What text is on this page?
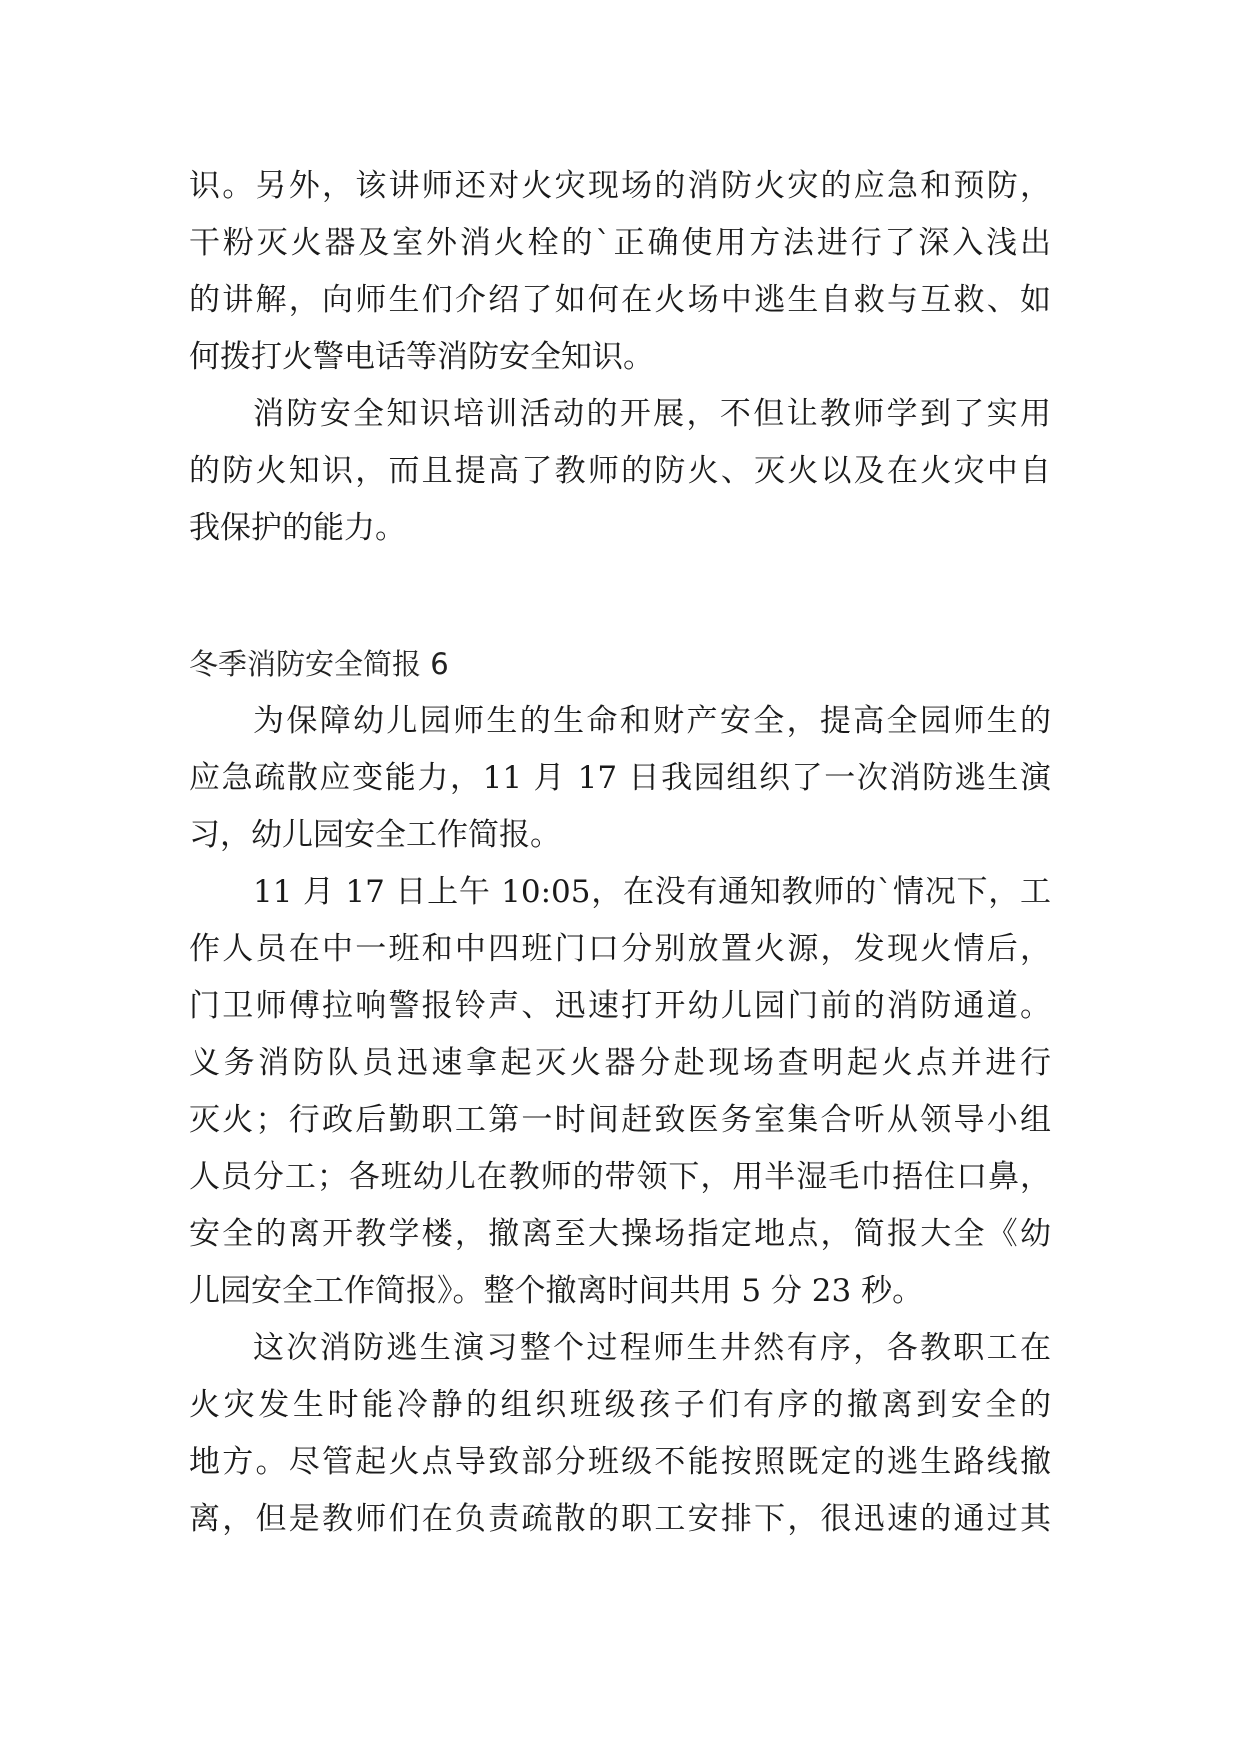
识。另外，该讲师还对火灾现场的消防火灾的应急和预防，
干粉灭火器及室外消火栓的`正确使用方法进行了深入浅出
的讲解，向师生们介绍了如何在火场中逃生自救与互救、如
何拨打火警电话等消防安全知识。
消防安全知识培训活动的开展，不但让教师学到了实用
的防火知识，而且提高了教师的防火、灭火以及在火灾中自
我保护的能力。
冬季消防安全简报 6
为保障幼儿园师生的生命和财产安全，提高全园师生的
应急疏散应变能力，11 月 17 日我园组织了一次消防逃生演
习，幼儿园安全工作简报。
11 月 17 日上午 10:05，在没有通知教师的`情况下，工
作人员在中一班和中四班门口分别放置火源，发现火情后，
门卫师傅拉响警报铃声、迅速打开幼儿园门前的消防通道。
义务消防队员迅速拿起灭火器分赴现场查明起火点并进行
灭火；行政后勤职工第一时间赶致医务室集合听从领导小组
人员分工；各班幼儿在教师的带领下，用半湿毛巾捂住口鼻，
安全的离开教学楼，撤离至大操场指定地点，简报大全《幼
儿园安全工作简报》。整个撤离时间共用 5 分 23 秒。
这次消防逃生演习整个过程师生井然有序，各教职工在
火灾发生时能冷静的组织班级孩子们有序的撤离到安全的
地方。尽管起火点导致部分班级不能按照既定的逃生路线撤
离，但是教师们在负责疏散的职工安排下，很迅速的通过其
